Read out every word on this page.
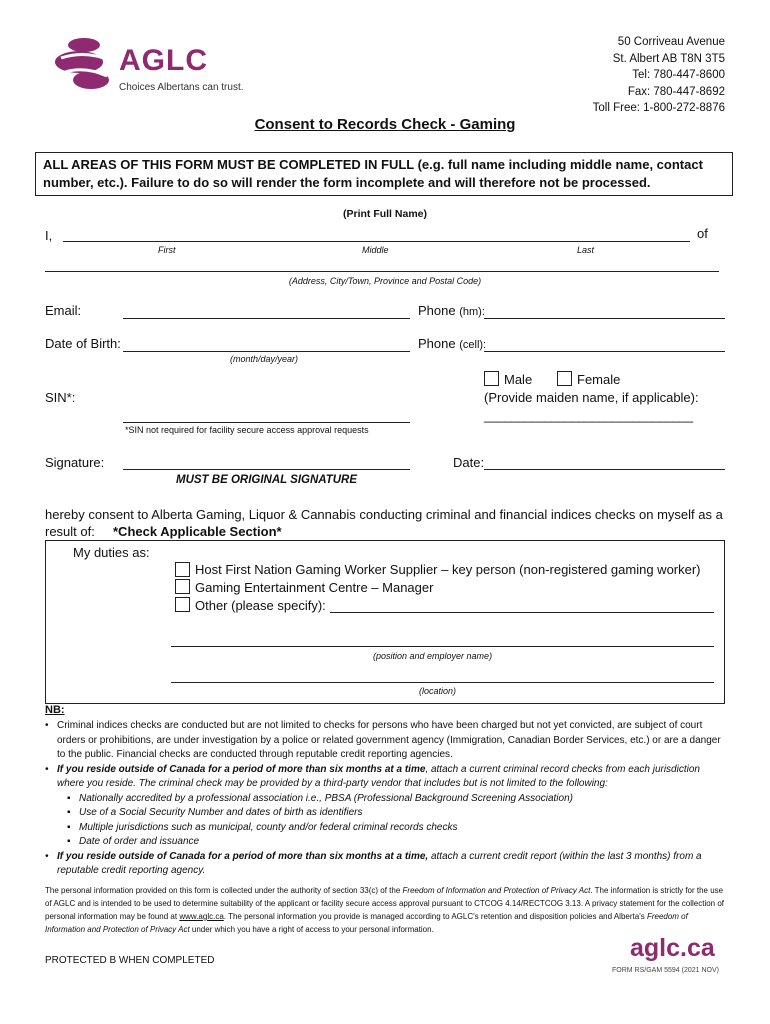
AGLC
Choices Albertans can trust.
50 Corriveau Avenue
St. Albert AB T8N 3T5
Tel: 780-447-8600
Fax: 780-447-8692
Toll Free: 1-800-272-8876
Consent to Records Check - Gaming
ALL AREAS OF THIS FORM MUST BE COMPLETED IN FULL (e.g. full name including middle name, contact number, etc.). Failure to do so will render the form incomplete and will therefore not be processed.
(Print Full Name)
I,	of
First	Middle	Last
(Address, City/Town, Province and Postal Code)
Email:	Phone (hm):
Date of Birth:	Phone (cell):
(month/day/year)
Male	Female
(Provide maiden name, if applicable):
_______________________________
SIN*:
*SIN not required for facility secure access approval requests
Signature:
MUST BE ORIGINAL SIGNATURE
Date:
hereby consent to Alberta Gaming, Liquor & Cannabis conducting criminal and financial indices checks on myself as a
result of: *Check Applicable Section*
My duties as:
Host First Nation Gaming Worker Supplier – key person (non-registered gaming worker)
Gaming Entertainment Centre – Manager
Other (please specify):
(position and employer name)
(location)
NB:
• Criminal indices checks are conducted but are not limited to checks for persons who have been charged but not yet convicted, are subject of court orders or prohibitions, are under investigation by a police or related government agency (Immigration, Canadian Border Services, etc.) or are a danger to the public. Financial checks are conducted through reputable credit reporting agencies.
• If you reside outside of Canada for a period of more than six months at a time, attach a current criminal record checks from each jurisdiction where you reside. The criminal check may be provided by a third-party vendor that includes but is not limited to the following:
▪ Nationally accredited by a professional association i.e., PBSA (Professional Background Screening Association)
▪ Use of a Social Security Number and dates of birth as identifiers
▪ Multiple jurisdictions such as municipal, county and/or federal criminal records checks
▪ Date of order and issuance
• If you reside outside of Canada for a period of more than six months at a time, attach a current credit report (within the last 3 months) from a reputable credit reporting agency.
The personal information provided on this form is collected under the authority of section 33(c) of the Freedom of Information and Protection of Privacy Act. The information is strictly for the use of AGLC and is intended to be used to determine suitability of the applicant or facility secure access approval pursuant to CTCOG 4.14/RECTCOG 3.13. A privacy statement for the collection of personal information may be found at www.aglc.ca. The personal information you provide is managed according to AGLC's retention and disposition policies and Alberta's Freedom of Information and Protection of Privacy Act under which you have a right of access to your personal information.
PROTECTED B WHEN COMPLETED	aglc.ca
FORM RS/GAM 5594 (2021 NOV)
